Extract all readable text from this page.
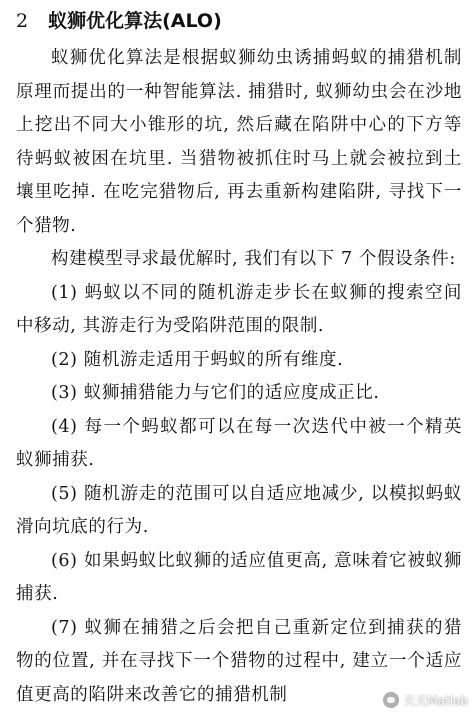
2 蚁狮优化算法(ALO)

蚁狮优化算法是根据蚁狮幼虫诱捕蚂蚁的捕猎机制原理而提出的一种智能算法. 捕猎时, 蚁狮幼虫会在沙地上挖出不同大小锥形的坑, 然后藏在陷阱中心的下方等待蚂蚁被困在坑里. 当猎物被抓住时马上就会被拉到土壤里吃掉. 在吃完猎物后, 再去重新构建陷阱, 寻找下一个猎物.

构建模型寻求最优解时, 我们有以下 7 个假设条件:

(1) 蚂蚁以不同的随机游走步长在蚁狮的搜索空间中移动, 其游走行为受陷阱范围的限制.

(2) 随机游走适用于蚂蚁的所有维度.

(3) 蚁狮捕猎能力与它们的适应度成正比.

(4) 每一个蚂蚁都可以在每一次迭代中被一个精英蚁狮捕获.

(5) 随机游走的范围可以自适应地减少, 以模拟蚂蚁滑向坑底的行为.

(6) 如果蚂蚁比蚁狮的适应值更高, 意味着它被蚁狮捕获.

(7) 蚁狮在捕猎之后会把自己重新定位到捕获的猎物的位置, 并在寻找下一个猎物的过程中, 建立一个适应值更高的陷阱来改善它的捕猎机制	天天Matlab
